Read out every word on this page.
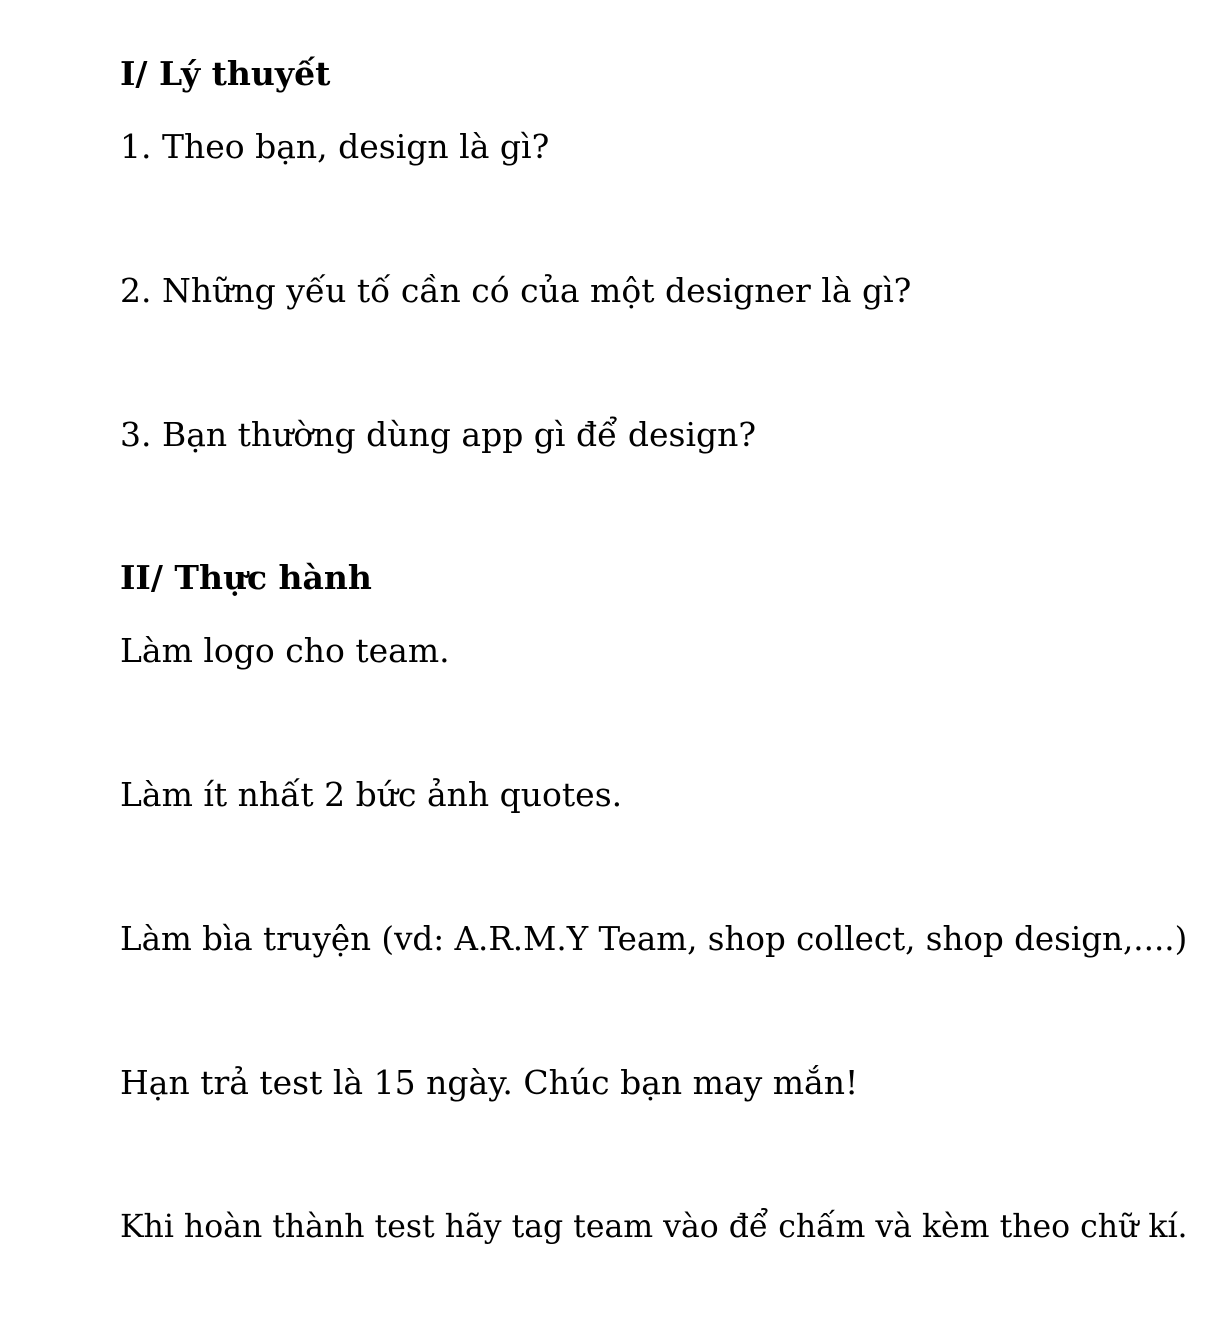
I/ Lý thuyết
1. Theo bạn, design là gì?
2. Những yếu tố cần có của một designer là gì?
3. Bạn thường dùng app gì để design?
II/ Thực hành
Làm logo cho team.
Làm ít nhất 2 bức ảnh quotes.
Làm bìa truyện (vd: A.R.M.Y Team, shop collect, shop design,....)
Hạn trả test là 15 ngày. Chúc bạn may mắn!
Khi hoàn thành test hãy tag team vào để chấm và kèm theo chữ kí.
